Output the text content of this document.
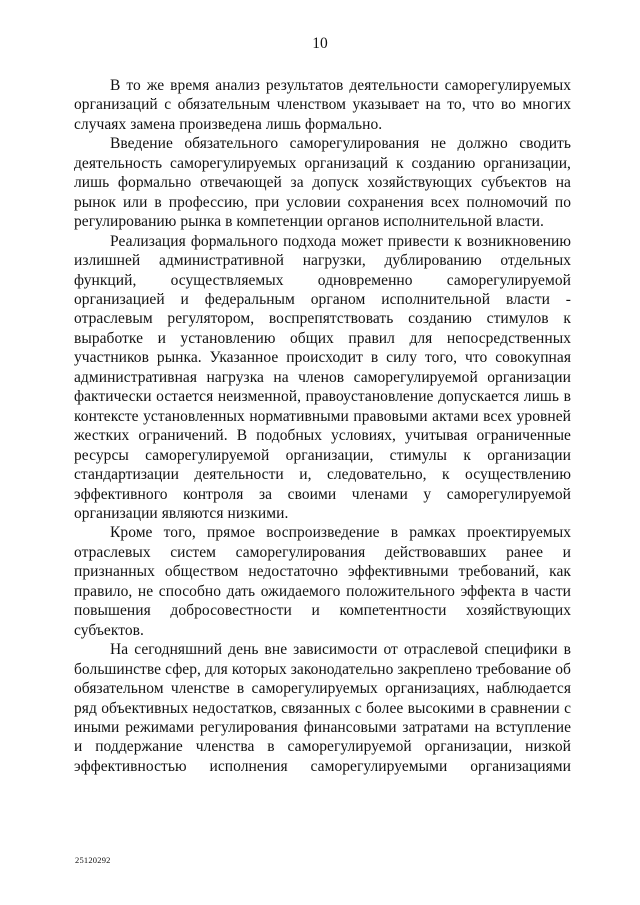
10

В то же время анализ результатов деятельности саморегулируемых организаций с обязательным членством указывает на то, что во многих случаях замена произведена лишь формально.

Введение обязательного саморегулирования не должно сводить деятельность саморегулируемых организаций к созданию организации, лишь формально отвечающей за допуск хозяйствующих субъектов на рынок или в профессию, при условии сохранения всех полномочий по регулированию рынка в компетенции органов исполнительной власти.

Реализация формального подхода может привести к возникновению излишней административной нагрузки, дублированию отдельных функций, осуществляемых одновременно саморегулируемой организацией и федеральным органом исполнительной власти - отраслевым регулятором, воспрепятствовать созданию стимулов к выработке и установлению общих правил для непосредственных участников рынка. Указанное происходит в силу того, что совокупная административная нагрузка на членов саморегулируемой организации фактически остается неизменной, правоустановление допускается лишь в контексте установленных нормативными правовыми актами всех уровней жестких ограничений. В подобных условиях, учитывая ограниченные ресурсы саморегулируемой организации, стимулы к организации стандартизации деятельности и, следовательно, к осуществлению эффективного контроля за своими членами у саморегулируемой организации являются низкими.

Кроме того, прямое воспроизведение в рамках проектируемых отраслевых систем саморегулирования действовавших ранее и признанных обществом недостаточно эффективными требований, как правило, не способно дать ожидаемого положительного эффекта в части повышения добросовестности и компетентности хозяйствующих субъектов.

На сегодняшний день вне зависимости от отраслевой специфики в большинстве сфер, для которых законодательно закреплено требование об обязательном членстве в саморегулируемых организациях, наблюдается ряд объективных недостатков, связанных с более высокими в сравнении с иными режимами регулирования финансовыми затратами на вступление и поддержание членства в саморегулируемой организации, низкой эффективностью исполнения саморегулируемыми организациями

25120292
